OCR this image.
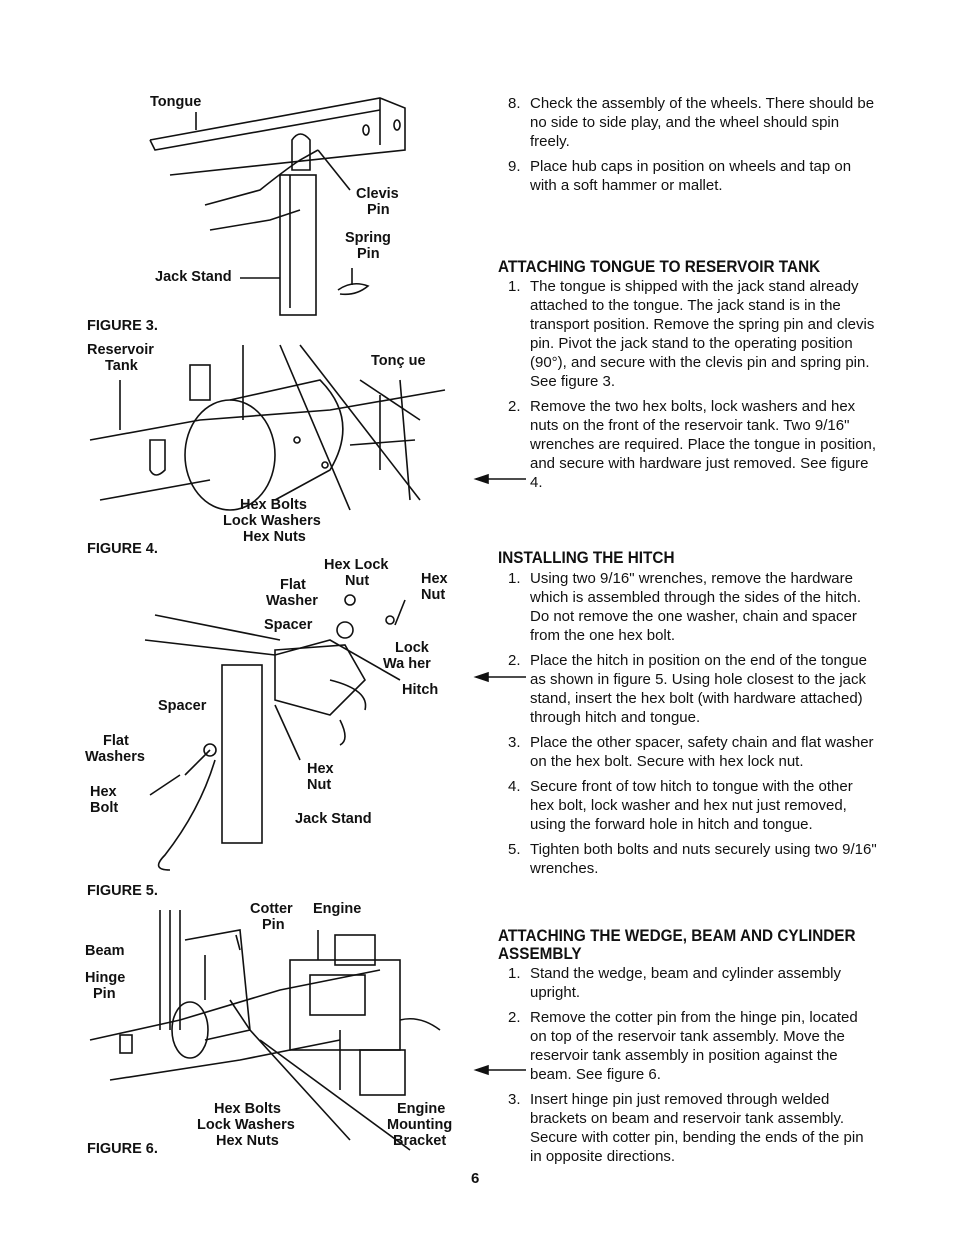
Tongue
Clevis
Pin
Spring
Pin
Jack Stand
FIGURE 3.
Reservoir
Tank	Tonç ue
Hex Bolts
Lock Washers
Hex Nuts
FIGURE 4.
Hex Lock
Nut
Flat
Washer
Hex
Nut
Spacer
Lock
Wa her
Hitch
Spacer
Flat
Washers
Hex
Bolt
Hex
Nut
Jack Stand
FIGURE 5.
Cotter
Pin
Engine
Beam
Hinge
Pin
Hex Bolts
Lock Washers
Hex Nuts
Engine
Mounting
Bracket
FIGURE 6.
8. Check the assembly of the wheels. There should be no side to side play, and the wheel should spin freely.
9. Place hub caps in position on wheels and tap on with a soft hammer or mallet.
ATTACHING TONGUE TO RESERVOIR TANK
1. The tongue is shipped with the jack stand already attached to the tongue. The jack stand is in the transport position. Remove the spring pin and clevis pin. Pivot the jack stand to the operating position (90°), and secure with the clevis pin and spring pin. See figure 3.
2. Remove the two hex bolts, lock washers and hex nuts on the front of the reservoir tank. Two 9/16" wrenches are required. Place the tongue in position, and secure with hardware just removed. See figure 4.
INSTALLING THE HITCH
1. Using two 9/16" wrenches, remove the hardware which is assembled through the sides of the hitch. Do not remove the one washer, chain and spacer from the one hex bolt.
2. Place the hitch in position on the end of the tongue as shown in figure 5. Using hole closest to the jack stand, insert the hex bolt (with hardware attached) through hitch and tongue.
3. Place the other spacer, safety chain and flat washer on the hex bolt. Secure with hex lock nut.
4. Secure front of tow hitch to tongue with the other hex bolt, lock washer and hex nut just removed, using the forward hole in hitch and tongue.
5. Tighten both bolts and nuts securely using two 9/16" wrenches.
ATTACHING THE WEDGE, BEAM AND CYLINDER ASSEMBLY
1. Stand the wedge, beam and cylinder assembly upright.
2. Remove the cotter pin from the hinge pin, located on top of the reservoir tank assembly. Move the reservoir tank assembly in position against the beam. See figure 6.
3. Insert hinge pin just removed through welded brackets on beam and reservoir tank assembly. Secure with cotter pin, bending the ends of the pin in opposite directions.
6
